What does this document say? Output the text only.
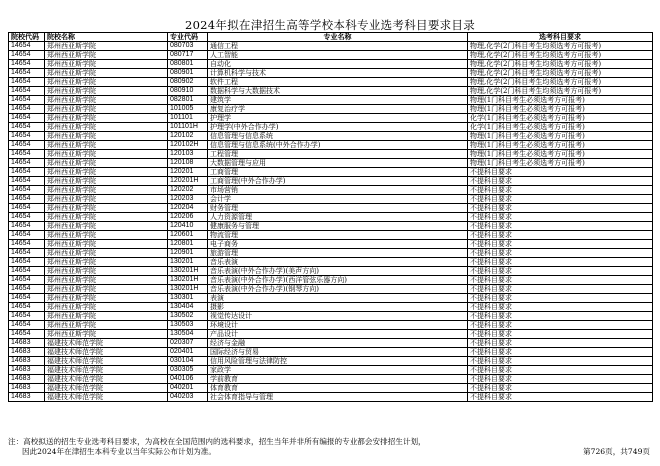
2024年拟在津招生高等学校本科专业选考科目要求目录
院校代码	院校名称	专业代码	专业名称	选考科目要求
14654	郑州西亚斯学院	080703	通信工程	物理,化学(2门科目考生均须选考方可报考)
14654	郑州西亚斯学院	080717	人工智能	物理,化学(2门科目考生均须选考方可报考)
14654	郑州西亚斯学院	080801	自动化	物理,化学(2门科目考生均须选考方可报考)
14654	郑州西亚斯学院	080901	计算机科学与技术	物理,化学(2门科目考生均须选考方可报考)
14654	郑州西亚斯学院	080902	软件工程	物理,化学(2门科目考生均须选考方可报考)
14654	郑州西亚斯学院	080910	数据科学与大数据技术	物理,化学(2门科目考生均须选考方可报考)
14654	郑州西亚斯学院	082801	建筑学	物理(1门科目考生必须选考方可报考)
14654	郑州西亚斯学院	101005	康复治疗学	物理(1门科目考生必须选考方可报考)
14654	郑州西亚斯学院	101101	护理学	化学(1门科目考生必须选考方可报考)
14654	郑州西亚斯学院	101101H	护理学(中外合作办学)	化学(1门科目考生必须选考方可报考)
14654	郑州西亚斯学院	120102	信息管理与信息系统	物理(1门科目考生必须选考方可报考)
14654	郑州西亚斯学院	120102H	信息管理与信息系统(中外合作办学)	物理(1门科目考生必须选考方可报考)
14654	郑州西亚斯学院	120103	工程管理	物理(1门科目考生必须选考方可报考)
14654	郑州西亚斯学院	120108	大数据管理与应用	物理(1门科目考生必须选考方可报考)
14654	郑州西亚斯学院	120201	工商管理	不提科目要求
14654	郑州西亚斯学院	120201H	工商管理(中外合作办学)	不提科目要求
14654	郑州西亚斯学院	120202	市场营销	不提科目要求
14654	郑州西亚斯学院	120203	会计学	不提科目要求
14654	郑州西亚斯学院	120204	财务管理	不提科目要求
14654	郑州西亚斯学院	120206	人力资源管理	不提科目要求
14654	郑州西亚斯学院	120410	健康服务与管理	不提科目要求
14654	郑州西亚斯学院	120601	物流管理	不提科目要求
14654	郑州西亚斯学院	120801	电子商务	不提科目要求
14654	郑州西亚斯学院	120901	旅游管理	不提科目要求
14654	郑州西亚斯学院	130201	音乐表演	不提科目要求
14654	郑州西亚斯学院	130201H	音乐表演(中外合作办学)(美声方向)	不提科目要求
14654	郑州西亚斯学院	130201H	音乐表演(中外合作办学)(西洋管弦乐器方向)	不提科目要求
14654	郑州西亚斯学院	130201H	音乐表演(中外合作办学)(钢琴方向)	不提科目要求
14654	郑州西亚斯学院	130301	表演	不提科目要求
14654	郑州西亚斯学院	130404	摄影	不提科目要求
14654	郑州西亚斯学院	130502	视觉传达设计	不提科目要求
14654	郑州西亚斯学院	130503	环境设计	不提科目要求
14654	郑州西亚斯学院	130504	产品设计	不提科目要求
14683	福建技术师范学院	020307	经济与金融	不提科目要求
14683	福建技术师范学院	020401	国际经济与贸易	不提科目要求
14683	福建技术师范学院	030104	信用风险管理与法律防控	不提科目要求
14683	福建技术师范学院	030305	家政学	不提科目要求
14683	福建技术师范学院	040106	学前教育	不提科目要求
14683	福建技术师范学院	040201	体育教育	不提科目要求
14683	福建技术师范学院	040203	社会体育指导与管理	不提科目要求
注：高校拟送的招生专业选考科目要求，为高校在全国范围内的选科要求，招生当年并非所有编报的专业都会安排招生计划，
因此2024年在津招生本科专业以当年实际公布计划为准。	第726页，共749页
